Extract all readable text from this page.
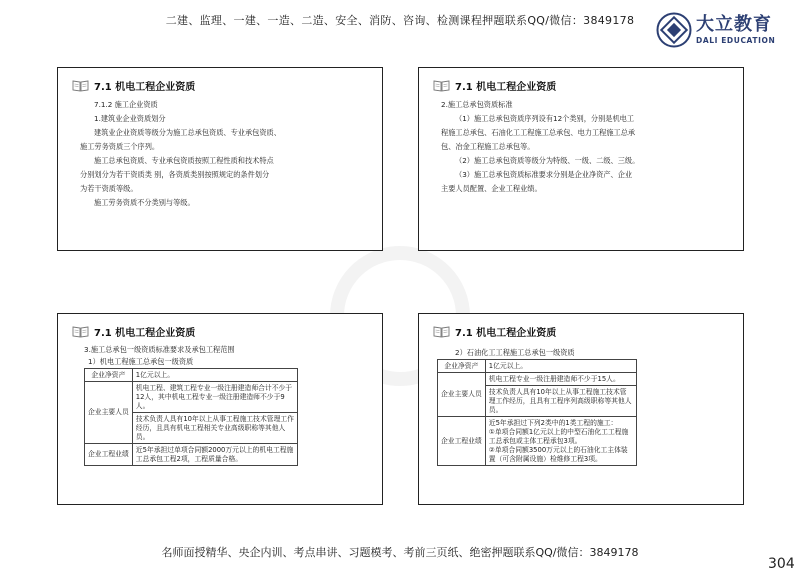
二建、监理、一建、一造、二造、安全、消防、咨询、检测课程押题联系QQ/微信：3849178	大立教育
DALI EDUCATION
7.1 机电工程企业资质

7.1.2 施工企业资质

1.建筑业企业资质划分

建筑业企业资质等级分为施工总承包资质、专业承包资质、

施工劳务资质三个序列。

施工总承包资质、专业承包资质按照工程性质和技术特点

分别划分为若干资质类 别，各资质类别按照规定的条件划分

为若干资质等级。

施工劳务资质不分类别与等级。

7.1 机电工程企业资质

2.施工总承包资质标准

（1）施工总承包资质序列设有12个类别，分别是机电工

程施工总承包、石油化工工程施工总承包、电力工程施工总承

包、冶金工程施工总承包等。

（2）施工总承包资质等级分为特级、一级、二级、三级。

（3）施工总承包资质标准要求分别是企业净资产、企业

主要人员配置、企业工程业绩。

7.1 机电工程企业资质
3.施工总承包一级资质标准要求及承包工程范围
1）机电工程施工总承包一级资质
企业净资产	1亿元以上。
企业主要人员	机电工程、建筑工程专业一级注册建造师合计不少于12人，其中机电工程专业一级注册建造师不少于9人。
	技术负责人具有10年以上从事工程施工技术管理工作经历，且具有机电工程相关专业高级职称等其他人员。
企业工程业绩	近5年承担过单项合同额2000万元以上的机电工程施工总承包工程2项，工程质量合格。
7.1 机电工程企业资质
2）石油化工工程施工总承包一级资质
企业净资产	1亿元以上。
企业主要人员	机电工程专业一级注册建造师不少于15人。
	技术负责人具有10年以上从事工程施工技术管理工作经历，且具有工程序列高级职称等其他人员。
企业工程业绩	近5年承担过下列2类中的1类工程的施工：
①单项合同额1亿元以上的中型石油化工工程施工总承包或主体工程承包3项。
②单项合同额3500万元以上的石油化工主体装置（可含附属设施）检维修工程3项。
名师面授精华、央企内训、考点串讲、习题模考、考前三页纸、绝密押题联系QQ/微信：3849178
304
